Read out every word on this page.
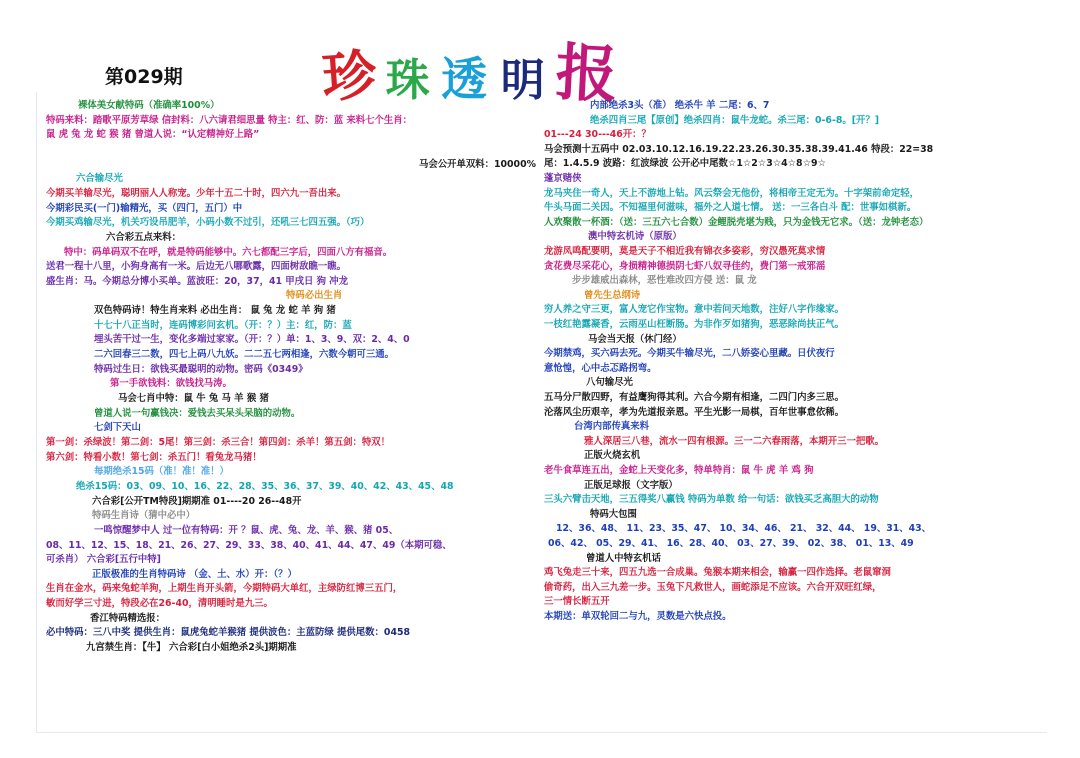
第029期	珍 珠 透 明 报
裸体美女献特码（准确率100%）
特码来料：踏歌平原芳草绿 信封料：八六请君细思量 特主：红、防：蓝 来料七个生肖：
鼠 虎 兔 龙 蛇 猴 猪 曾道人说：“认定精神好上路”
马会公开单双料：10000%
六合输尽光
今期买羊输尽光，聪明丽人人称宠。少年十五二十时，四六九一吾出来。
今期彩民买(一门)输精光，买（四门，五门）中
今期买鸡输尽光，机关巧设吊肥羊，小码小数不过引，还吼三七四五强。（巧）
六合彩五点来料：
特中：码单码双不在呼，就是特码能够中。六七都配三字后，四面八方有福音。
送君一程十八里，小狗身高有一米。后边无八哪歌露，四面树敌瞧一瞧。
盛生肖：马。今期总分博小买单。蓝波旺：20，37，41 甲戌日 狗 冲龙
特码必出生肖
双色特码诗！特生肖来料 必出生肖： 鼠 兔 龙 蛇 羊 狗 猪
十七十八正当时，连码博彩问玄机。（开：？）主：红，防：蓝
埋头苦干过一生，变化多端过家家。（开：？）单：1、3、9、双：2、4、0
二六回春三二数，四七上码八九妖。二二五七两相逢，六数今朝可三通。
特码过生日：欲钱买最聪明的动物。密码《0349》
第一手欲钱料：欲钱找马涛。
马会七肖中特：鼠 牛 兔 马 羊 猴 猪
曾道人说一句赢钱决：爱钱去买呆头呆脑的动物。
七剑下天山
第一剑：杀绿波！第二剑：5尾！第三剑：杀三合！第四剑：杀羊！第五剑：特双！
第六剑：特看小数！第七剑：杀五门！看兔龙马猪！
每期绝杀15码（准！准！准！）
绝杀15码：03、09、10、16、22、28、35、36、37、39、40、42、43、45、48
六合彩[公开TM特段]期期准 01----20 26--48开
特码生肖诗（猜中必中）
一鸣惊醒梦中人 过一位有特码：开 ？鼠、虎、兔、龙、羊、猴、猪 05、
08、11、12、15、18、21、26、27、29、33、38、40、41、44、47、49（本期可稳、
可杀肖） 六合彩[五行中特]
正版极准的生肖特码诗 （金、土、水）开：（？）
生肖在金水，码来兔蛇羊狗，上期生肖开头箭，今期特码大单红，主绿防红博三五门，
敏而好学三寸进，特段必在26-40，清明睡时是九三。
香江特码精选报：
必中特码：三八中奖 提供生肖：鼠虎兔蛇羊猴猪 提供波色：主蓝防绿 提供尾数：0458
九宫禁生肖：【牛】 六合彩[白小姐绝杀2头]期期准
内部绝杀3头（准） 绝杀牛 羊 二尾：6、7
绝杀四肖三尾【原创】绝杀四肖：鼠牛龙蛇。杀三尾：0-6-8。[开？]
01---24 30---46开：？
马会预测十五码中 02.03.10.12.16.19.22.23.26.30.35.38.39.41.46 特段：22=38
尾：1.4.5.9 波路：红波绿波 公开必中尾数☆1☆2☆3☆4☆8☆9☆
蓬京赌侠
龙马夹住一奇人，天上不游地上钻。风云祭会无他份，将相帝王定无为。十字架前命定轻，
牛头马面二关因。不知福里何滋味，福外之人道七情。 送：一三各白斗 配：世事如棋新。
人欢聚散一杯酒：（送：三五六七合数）金鲤脱壳堪为贱，只为金钱无它求。（送：龙钟老态）
澳中特玄机诗（原版）
龙游凤鸣配要明，莫是天子不相近我有锦衣多姿彩，穷汉愚死莫求情
贪花费尽采花心，身损精神德损阴七虾八奴寻佳约，费门第一戒邪滛
步步雄威出森林，恶性难改四方侵 送：鼠 龙
曾先生总纲诗
穷人养之守三更，富人宠它作宝物。意中若问天地数，注好八字作缘家。
一枝红艳露凝香，云雨巫山枉断肠。为非作歹如猪狗，恶恶除尚扶正气。
马会当天报（休门经）
今期禁鸡，买六码去死。今期买牛输尽光，二八娇姿心里藏。日伏夜行
意怆惶，心中忐忑路拐弯。
八句输尽光
五马分尸散四野，有益鹰狗得其利。六合今期有相逢，二四门内多三思。
沦落风尘历艰辛，孝为先道报亲恩。平生光影一局棋，百年世事怠依稀。
台湾内部传真来料
雅人深居三八巷，流水一四有根源。三一二六春雨落，本期开三一把歌。
正版火烧玄机
老牛食草连五出，金蛇上天变化多，特单特肖：鼠 牛 虎 羊 鸡 狗
正版足球报（文字版）
三头六臂击天地，三五得奖八赢钱 特码为单数 给一句话：欲钱买乏高胆大的动物
特码大包围
12、36、48、 11、23、35、47、 10、34、46、 21、 32、44、 19、31、43、
06、42、 05、29、41、 16、28、40、 03、27、39、 02、38、 01、13、49
曾道人中特玄机话
鸡飞兔走三十来，四五九选一合成巢。兔猴本期来相会，输赢一四作选择。老鼠窜洞
偷奇药，出入三九差一步。玉兔下凡救世人，画蛇添足不应该。六合开双旺红绿，
三一情长断五开
本期送：单双轮回二与九，灵数是六快点投。
